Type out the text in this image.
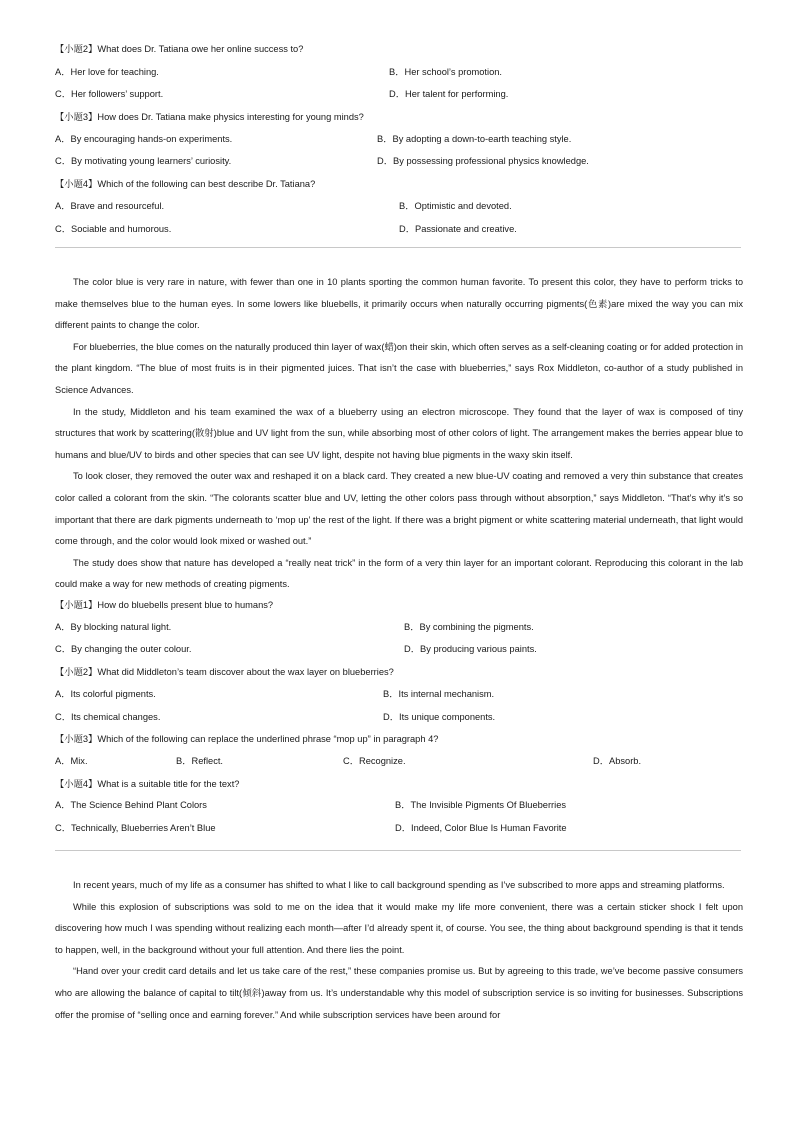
【小题2】What does Dr. Tatiana owe her online success to?
A．Her love for teaching.	B．Her school’s promotion.
C．Her followers’ support.	D．Her talent for performing.
【小题3】How does Dr. Tatiana make physics interesting for young minds?
A．By encouraging hands-on experiments.	B．By adopting a down-to-earth teaching style.
C．By motivating young learners’ curiosity.	D．By possessing professional physics knowledge.
【小题4】Which of the following can best describe Dr. Tatiana?
A．Brave and resourceful.	B．Optimistic and devoted.
C．Sociable and humorous.	D．Passionate and creative.

The color blue is very rare in nature, with fewer than one in 10 plants sporting the common human favorite. To present this color, they have to perform tricks to make themselves blue to the human eyes. In some lowers like bluebells, it primarily occurs when naturally occurring pigments(色素)are mixed the way you can mix different paints to change the color.

For blueberries, the blue comes on the naturally produced thin layer of wax(蜡)on their skin, which often serves as a self-cleaning coating or for added protection in the plant kingdom. “The blue of most fruits is in their pigmented juices. That isn’t the case with blueberries,” says Rox Middleton, co-author of a study published in Science Advances.

In the study, Middleton and his team examined the wax of a blueberry using an electron microscope. They found that the layer of wax is composed of tiny structures that work by scattering(散射)blue and UV light from the sun, while absorbing most of other colors of light. The arrangement makes the berries appear blue to humans and blue/UV to birds and other species that can see UV light, despite not having blue pigments in the waxy skin itself.

To look closer, they removed the outer wax and reshaped it on a black card. They created a new blue-UV coating and removed a very thin substance that creates color called a colorant from the skin. “The colorants scatter blue and UV, letting the other colors pass through without absorption,” says Middleton. “That’s why it’s so important that there are dark pigments underneath to ‘mop up’ the rest of the light. If there was a bright pigment or white scattering material underneath, that light would come through, and the color would look mixed or washed out.”

The study does show that nature has developed a “really neat trick” in the form of a very thin layer for an important colorant. Reproducing this colorant in the lab could make a way for new methods of creating pigments.

【小题1】How do bluebells present blue to humans?
A．By blocking natural light.	B．By combining the pigments.
C．By changing the outer colour.	D．By producing various paints.
【小题2】What did Middleton’s team discover about the wax layer on blueberries?
A．Its colorful pigments.	B．Its internal mechanism.
C．Its chemical changes.	D．Its unique components.
【小题3】Which of the following can replace the underlined phrase “mop up” in paragraph 4?
A．Mix.	B．Reflect.	C．Recognize.	D．Absorb.
【小题4】What is a suitable title for the text?
A．The Science Behind Plant Colors	B．The Invisible Pigments Of Blueberries
C．Technically, Blueberries Aren’t Blue	D．Indeed, Color Blue Is Human Favorite

In recent years, much of my life as a consumer has shifted to what I like to call background spending as I’ve subscribed to more apps and streaming platforms.

While this explosion of subscriptions was sold to me on the idea that it would make my life more convenient, there was a certain sticker shock I felt upon discovering how much I was spending without realizing each month—after I’d already spent it, of course. You see, the thing about background spending is that it tends to happen, well, in the background without your full attention. And there lies the point.

“Hand over your credit card details and let us take care of the rest,” these companies promise us. But by agreeing to this trade, we’ve become passive consumers who are allowing the balance of capital to tilt(倾斜)away from us. It’s understandable why this model of subscription service is so inviting for businesses. Subscriptions offer the promise of “selling once and earning forever.” And while subscription services have been around for
